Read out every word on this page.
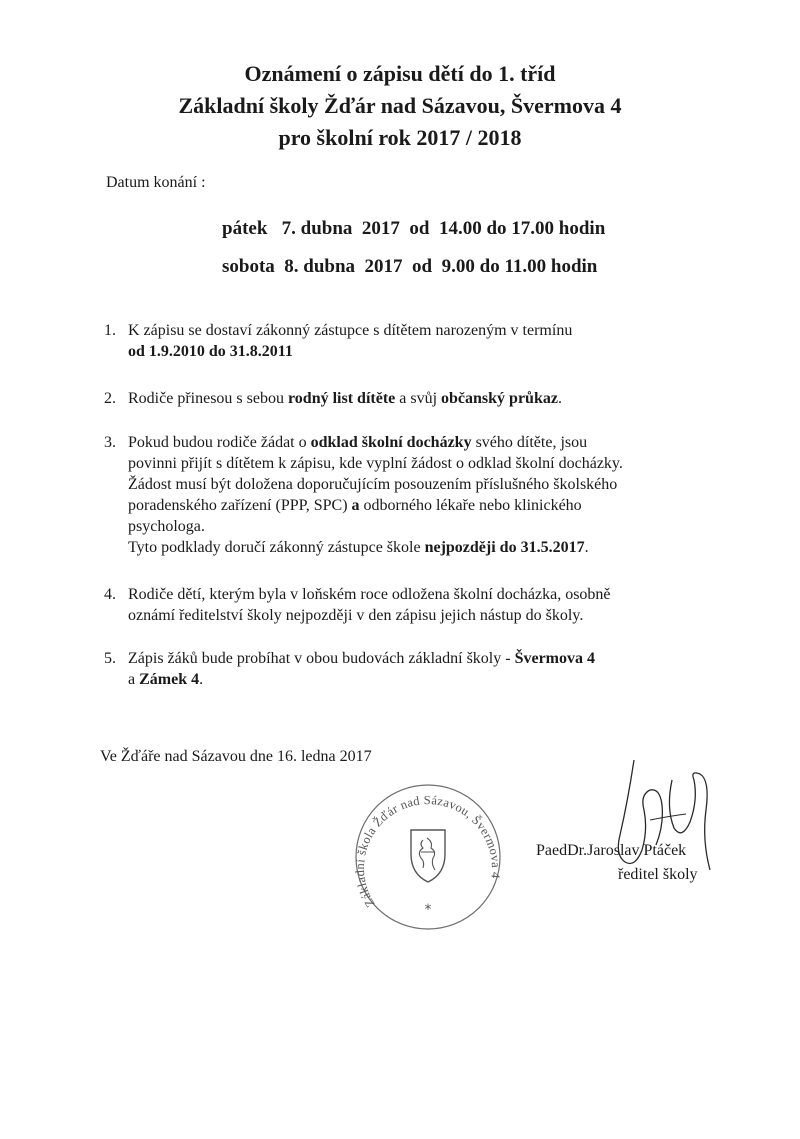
Oznámení o zápisu dětí do 1. tříd
Základní školy Žďár nad Sázavou, Švermova 4
pro školní rok 2017 / 2018
Datum konání :
pátek   7. dubna  2017  od  14.00 do 17.00 hodin
sobota  8. dubna  2017  od  9.00 do 11.00 hodin
1. K zápisu se dostaví zákonný zástupce s dítětem narozeným v termínu
od 1.9.2010 do 31.8.2011
2. Rodiče přinesou s sebou rodný list dítěte a svůj občanský průkaz.
3. Pokud budou rodiče žádat o odklad školní docházky svého dítěte, jsou
povinni přijít s dítětem k zápisu, kde vyplní žádost o odklad školní docházky.
Žádost musí být doložena doporučujícím posouzením příslušného školského
poradenského zařízení (PPP, SPC) a odborného lékaře nebo klinického
psychologa.
Tyto podklady doručí zákonný zástupce škole nejpozději do 31.5.2017.
4. Rodiče dětí, kterým byla v loňském roce odložena školní docházka, osobně
oznámí ředitelství školy nejpozději v den zápisu jejich nástup do školy.
5. Zápis žáků bude probíhat v obou budovách základní školy - Švermova 4
a Zámek 4.
Ve Žďáře nad Sázavou dne 16. ledna 2017
Základní škola Žďár nad Sázavou, Švermova 4
*
PaedDr.Jaroslav Ptáček
ředitel školy
